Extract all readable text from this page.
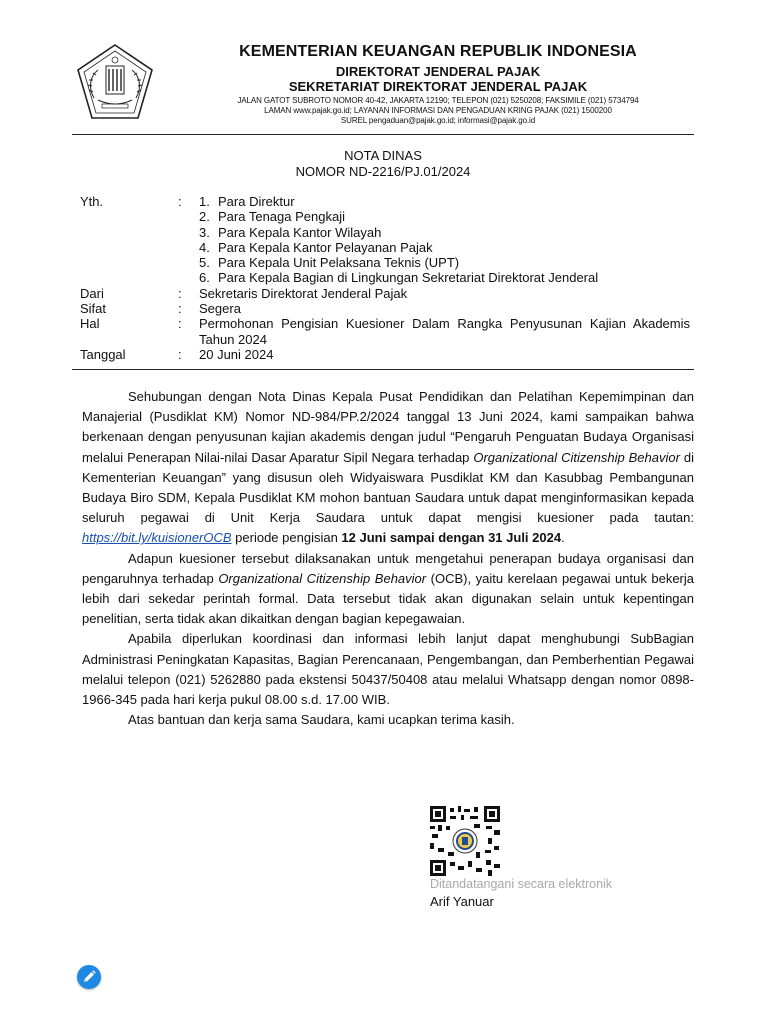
KEMENTERIAN KEUANGAN REPUBLIK INDONESIA
DIREKTORAT JENDERAL PAJAK
SEKRETARIAT DIREKTORAT JENDERAL PAJAK
JALAN GATOT SUBROTO NOMOR 40-42, JAKARTA 12190; TELEPON (021) 5250208; FAKSIMILE (021) 5734794
LAMAN www.pajak.go.id; LAYANAN INFORMASI DAN PENGADUAN KRING PAJAK (021) 1500200
SUREL pengaduan@pajak.go.id; informasi@pajak.go.id
NOTA DINAS
NOMOR ND-2216/PJ.01/2024
Yth.	: 1. Para Direktur
2. Para Tenaga Pengkaji
3. Para Kepala Kantor Wilayah
4. Para Kepala Kantor Pelayanan Pajak
5. Para Kepala Unit Pelaksana Teknis (UPT)
6. Para Kepala Bagian di Lingkungan Sekretariat Direktorat Jenderal
Dari	: Sekretaris Direktorat Jenderal Pajak
Sifat	: Segera
Hal	: Permohonan Pengisian Kuesioner Dalam Rangka Penyusunan Kajian Akademis Tahun 2024
Tanggal	: 20 Juni 2024

Sehubungan dengan Nota Dinas Kepala Pusat Pendidikan dan Pelatihan Kepemimpinan dan Manajerial (Pusdiklat KM) Nomor ND-984/PP.2/2024 tanggal 13 Juni 2024, kami sampaikan bahwa berkenaan dengan penyusunan kajian akademis dengan judul “Pengaruh Penguatan Budaya Organisasi melalui Penerapan Nilai-nilai Dasar Aparatur Sipil Negara terhadap Organizational Citizenship Behavior di Kementerian Keuangan” yang disusun oleh Widyaiswara Pusdiklat KM dan Kasubbag Pembangunan Budaya Biro SDM, Kepala Pusdiklat KM mohon bantuan Saudara untuk dapat menginformasikan kepada seluruh pegawai di Unit Kerja Saudara untuk dapat mengisi kuesioner pada tautan: https://bit.ly/kuisionerOCB periode pengisian 12 Juni sampai dengan 31 Juli 2024.

Adapun kuesioner tersebut dilaksanakan untuk mengetahui penerapan budaya organisasi dan pengaruhnya terhadap Organizational Citizenship Behavior (OCB), yaitu kerelaan pegawai untuk bekerja lebih dari sekedar perintah formal. Data tersebut tidak akan digunakan selain untuk kepentingan penelitian, serta tidak akan dikaitkan dengan bagian kepegawaian.

Apabila diperlukan koordinasi dan informasi lebih lanjut dapat menghubungi SubBagian Administrasi Peningkatan Kapasitas, Bagian Perencanaan, Pengembangan, dan Pemberhentian Pegawai melalui telepon (021) 5262880 pada ekstensi 50437/50408 atau melalui Whatsapp dengan nomor 0898-1966-345 pada hari kerja pukul 08.00 s.d. 17.00 WIB.

Atas bantuan dan kerja sama Saudara, kami ucapkan terima kasih.

Ditandatangani secara elektronik
Arif Yanuar
